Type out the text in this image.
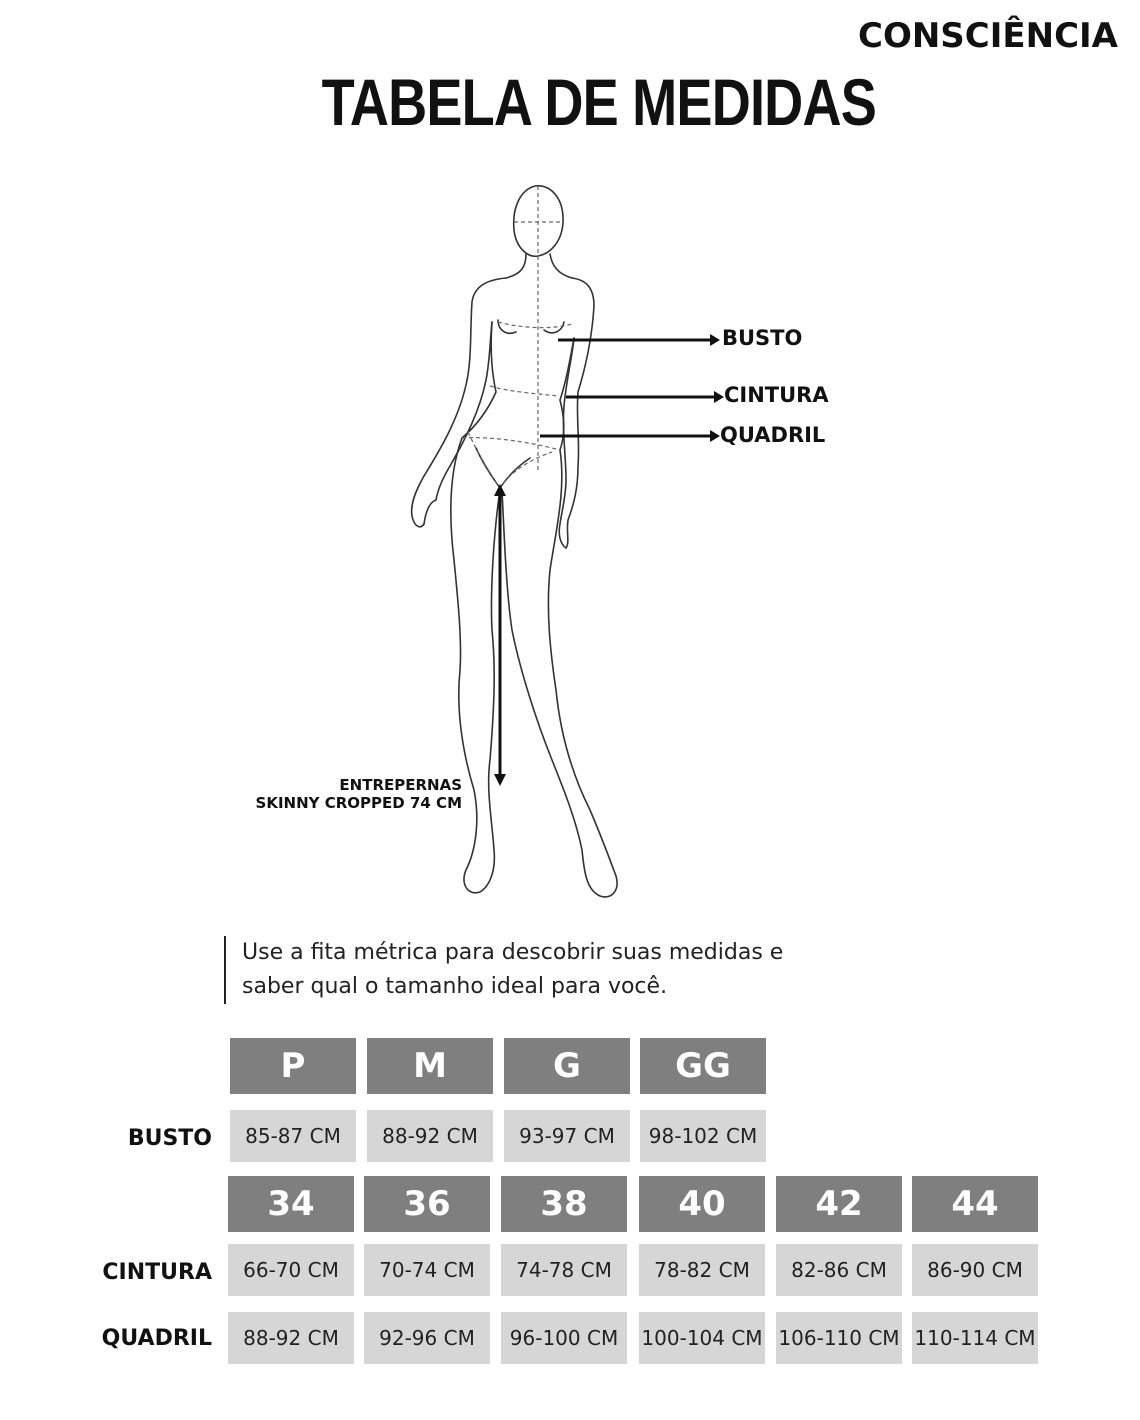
CONSCIÊNCIA
TABELA DE MEDIDAS
BUSTO
CINTURA
QUADRIL
ENTREPERNAS
SKINNY CROPPED 74 CM
Use a fita métrica para descobrir suas medidas e
saber qual o tamanho ideal para você.
P	M	G	GG
BUSTO	85-87 CM	88-92 CM	93-97 CM	98-102 CM
34	36	38	40	42	44
CINTURA	66-70 CM	70-74 CM	74-78 CM	78-82 CM	82-86 CM	86-90 CM
QUADRIL	88-92 CM	92-96 CM	96-100 CM	100-104 CM 106-110 CM 110-114 CM
